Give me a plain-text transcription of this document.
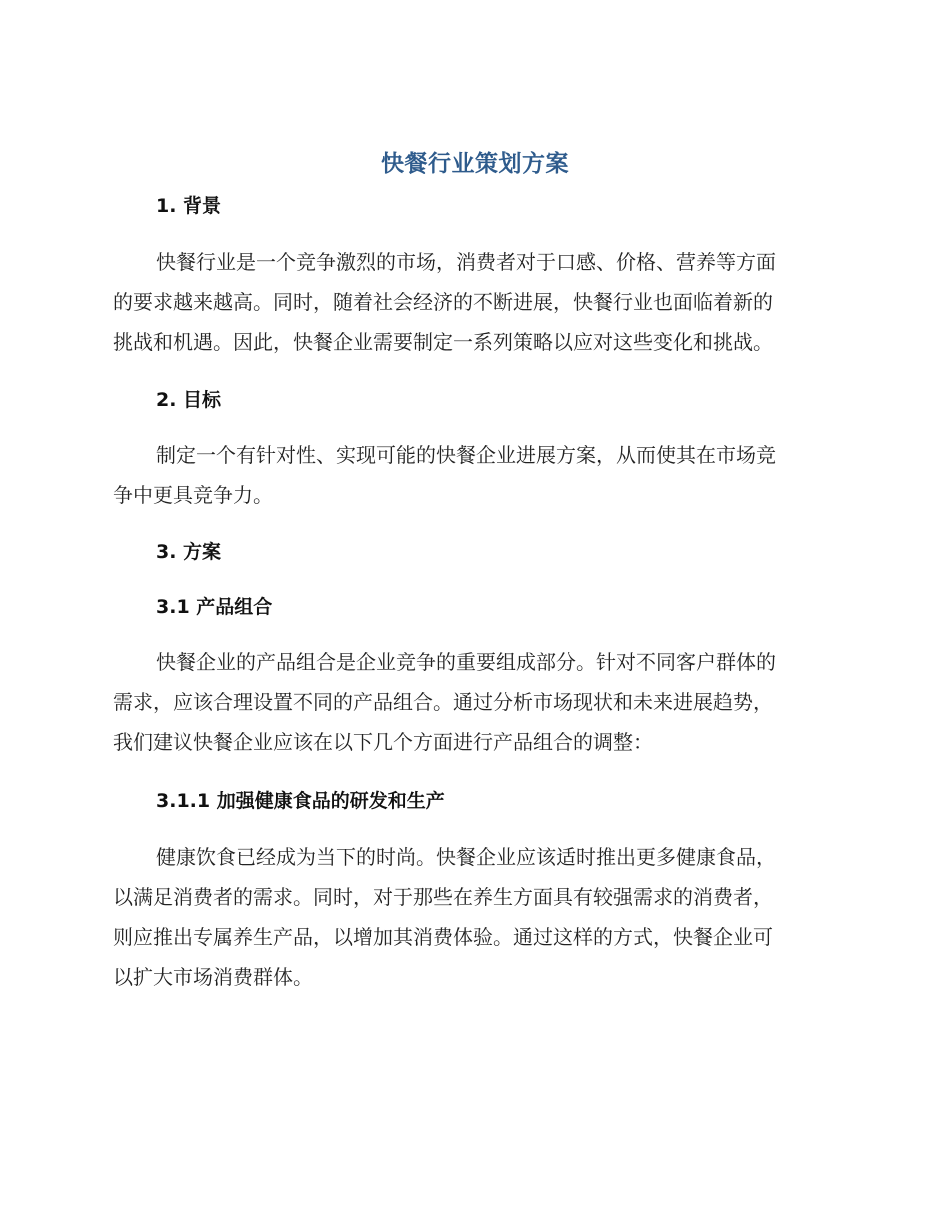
快餐行业策划方案
1. 背景
快餐行业是一个竞争激烈的市场，消费者对于口感、价格、营养等方面
的要求越来越高。同时，随着社会经济的不断进展，快餐行业也面临着新的
挑战和机遇。因此，快餐企业需要制定一系列策略以应对这些变化和挑战。
2. 目标
制定一个有针对性、实现可能的快餐企业进展方案，从而使其在市场竞
争中更具竞争力。
3. 方案
3.1 产品组合
快餐企业的产品组合是企业竞争的重要组成部分。针对不同客户群体的
需求，应该合理设置不同的产品组合。通过分析市场现状和未来进展趋势，
我们建议快餐企业应该在以下几个方面进行产品组合的调整：
3.1.1 加强健康食品的研发和生产
健康饮食已经成为当下的时尚。快餐企业应该适时推出更多健康食品，
以满足消费者的需求。同时，对于那些在养生方面具有较强需求的消费者，
则应推出专属养生产品，以增加其消费体验。通过这样的方式，快餐企业可
以扩大市场消费群体。
